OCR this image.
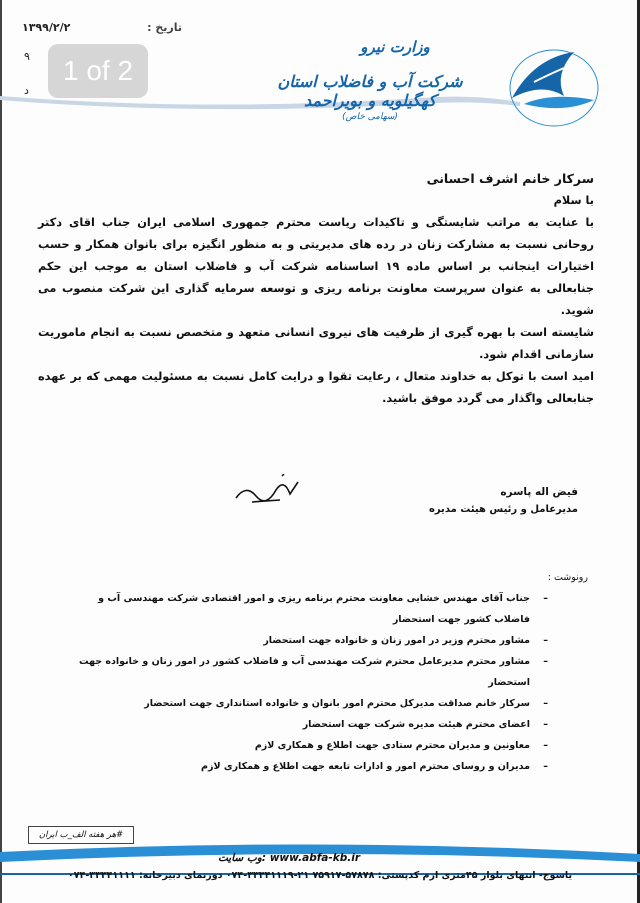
تاریخ :
۱۳۹۹/۲/۲
۹
د
1 of 2
وزارت نیرو
شرکت آب و فاضلاب استان کهگیلویه و بویراحمد
(سهامی خاص)

سرکار خانم اشرف احسانی

با سلام

با عنایت به مراتب شایستگی و تاکیدات ریاست محترم جمهوری اسلامی ایران جناب اقای دکتر روحانی نسبت به مشارکت زنان در رده های مدیریتی و به منظور انگیزه برای بانوان همکار و حسب اختیارات اینجانب بر اساس ماده ۱۹ اساسنامه شرکت آب و فاضلاب استان به موجب این حکم جنابعالی به عنوان سرپرست معاونت برنامه ریزی و توسعه سرمایه گذاری این شرکت منصوب می شوید.

شایسته است با بهره گیری از ظرفیت های نیروی انسانی متعهد و متخصص نسبت به انجام ماموریت سازمانی اقدام شود.

امید است با توکل به خداوند متعال ، رعایت تقوا و درایت کامل نسبت به مسئولیت مهمی که بر عهده جنابعالی واگذار می گردد موفق باشید.

فیض اله پاسره
مدیرعامل و رئیس هیئت مدیره
رونوشت :
– جناب آقای مهندس خشایی معاونت محترم برنامه ریزی و امور اقتصادی شرکت مهندسی آب و فاضلاب کشور جهت استحضار
– مشاور محترم وزیر در امور زنان و خانواده جهت استحضار
– مشاور محترم مدیرعامل محترم شرکت مهندسی آب و فاضلاب کشور در امور زنان و خانواده جهت استحضار
– سرکار خانم صداقت مدیرکل محترم امور بانوان و خانواده استانداری جهت استحضار
– اعضای محترم هیئت مدیره شرکت جهت استحضار
– معاونین و مدیران محترم ستادی جهت اطلاع و همکاری لازم
– مدیران و روسای محترم امور و ادارات تابعه جهت اطلاع و همکاری لازم
#هر هفته الف_ب ایران
وب سایت: www.abfa-kb.ir
یاسوج- انتهای بلوار ۴۵متری ارم کدپستی: ۵۷۸۷۸-۷۵۹۱۷ ۲۱-۳۳۳۴۱۱۱۹-۰۷۴ دورنمای دبیرخانه: ۳۳۳۴۱۱۱۱-۰۷۴
